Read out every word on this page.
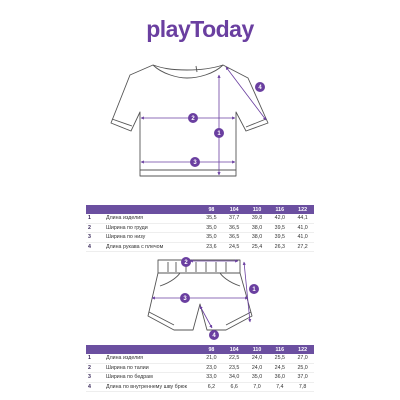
playToday
2
1
3
4
2
3
1
4
		98	104	110	116	122
1	Длина изделия	35,5	37,7	39,8	42,0	44,1
2	Ширина по груди	35,0	36,5	38,0	39,5	41,0
3	Ширина по низу	35,0	36,5	38,0	39,5	41,0
4	Длина рукава с плечом	23,6	24,5	25,4	26,3	27,2
		98	104	110	116	122
1	Длина изделия	21,0	22,5	24,0	25,5	27,0
2	Ширина по талии	23,0	23,5	24,0	24,5	25,0
3	Ширина по бедрам	33,0	34,0	35,0	36,0	37,0
4	Длина по внутреннему шву брюк	6,2	6,6	7,0	7,4	7,8
